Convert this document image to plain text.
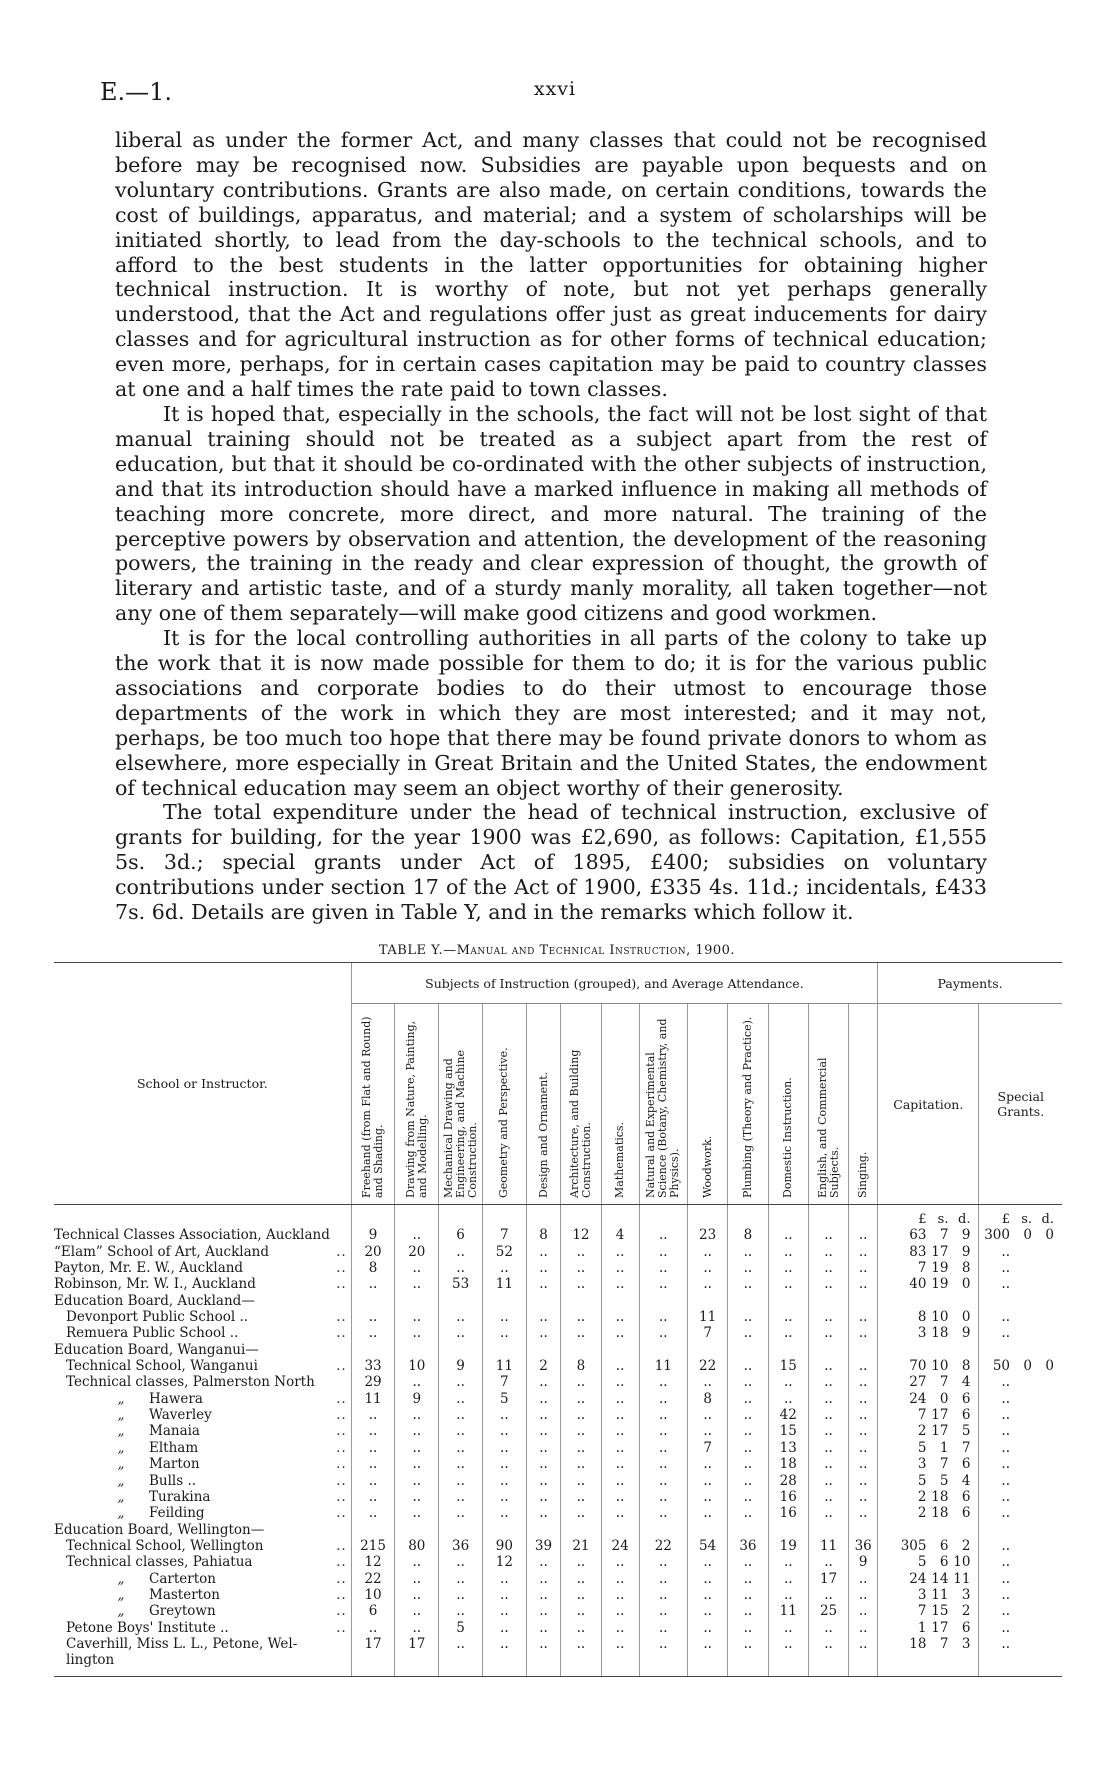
E.—1.	xxvi

liberal as under the former Act, and many classes that could not be recognised before may be recognised now. Subsidies are payable upon bequests and on voluntary contributions. Grants are also made, on certain conditions, towards the cost of buildings, apparatus, and material; and a system of scholarships will be initiated shortly, to lead from the day-schools to the technical schools, and to afford to the best students in the latter opportunities for obtaining higher technical instruction. It is worthy of note, but not yet perhaps generally understood, that the Act and regulations offer just as great inducements for dairy classes and for agricultural instruction as for other forms of technical education; even more, perhaps, for in certain cases capitation may be paid to country classes at one and a half times the rate paid to town classes.

It is hoped that, especially in the schools, the fact will not be lost sight of that manual training should not be treated as a subject apart from the rest of education, but that it should be co-ordinated with the other subjects of instruction, and that its introduction should have a marked influence in making all methods of teaching more concrete, more direct, and more natural. The training of the perceptive powers by observation and attention, the development of the reasoning powers, the training in the ready and clear expression of thought, the growth of literary and artistic taste, and of a sturdy manly morality, all taken together—not any one of them separately—will make good citizens and good workmen.

It is for the local controlling authorities in all parts of the colony to take up the work that it is now made possible for them to do; it is for the various public associations and corporate bodies to do their utmost to encourage those departments of the work in which they are most interested; and it may not, perhaps, be too much too hope that there may be found private donors to whom as elsewhere, more especially in Great Britain and the United States, the endowment of technical education may seem an object worthy of their generosity.

The total expenditure under the head of technical instruction, exclusive of grants for building, for the year 1900 was £2,690, as follows: Capitation, £1,555 5s. 3d.; special grants under Act of 1895, £400; subsidies on voluntary contributions under section 17 of the Act of 1900, £335 4s. 11d.; incidentals, £433 7s. 6d. Details are given in Table Y, and in the remarks which follow it.

TABLE Y.—Manual and Technical Instruction, 1900.
School or Instructor.	Subjects of Instruction (grouped), and Average Attendance.													Payments.	

	Freehand (from Flat and Round) and Shading.	Drawing from Nature, Painting, and Modelling.	Mechanical Drawing and Engineering, and Machine Construction.	Geometry and Perspective.	Design and Ornament.	Architecture, and Building Construction.	Mathematics.	Natural and Experimental Science (Botany, Chemistry, and Physics).	Woodwork.	Plumbing (Theory and Practice).	Domestic Instruction.	English, and Commercial Subjects.	Singing.	Capitation.	Special Grants.
														£ s. d.	£ s. d.
Technical Classes Association, Auckland	9	..	6	7	8	12	4	..	23	8	..	..	..	63 7 9	300 0 0
“Elam” School of Art, Auckland ..	20	20	..	52	..	..	..	..	..	..	..	..	..	83 17 9	..
Payton, Mr. E. W., Auckland ..	8	..	..	..	..	..	..	..	..	..	..	..	..	7 19 8	..
Robinson, Mr. W. I., Auckland ..	..	..	53	11	..	..	..	..	..	..	..	..	..	40 19 0	..
Education Board, Auckland—															
Devonport Public School .. ..	..	..	..	..	..	..	..	..	11	..	..	..	..	8 10 0	..
Remuera Public School .. ..	..	..	..	..	..	..	..	..	7	..	..	..	..	3 18 9	..
Education Board, Wanganui—															
Technical School, Wanganui ..	33	10	9	11	2	8	..	11	22	..	15	..	..	70 10 8	50 0 0
Technical classes, Palmerston North	29	..	..	7	..	..	..	..	..	..	..	..	..	27 7 4	..
„ Hawera ..	11	9	..	5	..	..	..	..	8	..	..	..	..	24 0 6	..
„ Waverley ..	..	..	..	..	..	..	..	..	..	..	42	..	..	7 17 6	..
„ Manaia ..	..	..	..	..	..	..	..	..	..	..	15	..	..	2 17 5	..
„ Eltham ..	..	..	..	..	..	..	..	..	7	..	13	..	..	5 1 7	..
„ Marton ..	..	..	..	..	..	..	..	..	..	..	18	..	..	3 7 6	..
„ Bulls .. ..	..	..	..	..	..	..	..	..	..	..	28	..	..	5 5 4	..
„ Turakina ..	..	..	..	..	..	..	..	..	..	..	16	..	..	2 18 6	..
„ Feilding ..	..	..	..	..	..	..	..	..	..	..	16	..	..	2 18 6	..
Education Board, Wellington—															
Technical School, Wellington ..	215	80	36	90	39	21	24	22	54	36	19	11	36	305 6 2	..
Technical classes, Pahiatua ..	12	..	..	12	..	..	..	..	..	..	..	..	9	5 6 10	..
„ Carterton ..	22	..	..	..	..	..	..	..	..	..	..	17	..	24 14 11	..
„ Masterton ..	10	..	..	..	..	..	..	..	..	..	..	..	..	3 11 3	..
„ Greytown ..	6	..	..	..	..	..	..	..	..	..	11	25	..	7 15 2	..
Petone Boys' Institute .. ..	..	..	5	..	..	..	..	..	..	..	..	..	..	1 17 6	..
Caverhill, Miss L. L., Petone, Wel-	17	17	..	..	..	..	..	..	..	..	..	..	..	18 7 3	..
lington															
